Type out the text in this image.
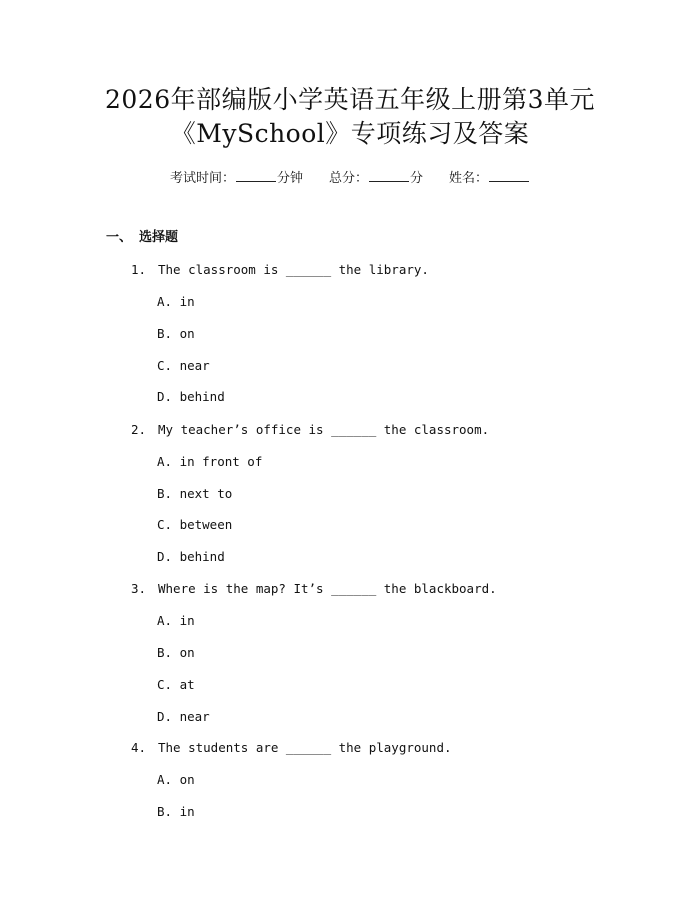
2026年部编版小学英语五年级上册第3单元
《MySchool》专项练习及答案
考试时间：	分钟 总分：	分 姓名：
一、 选择题
1. The classroom is ______ the library.
A. in
B. on
C. near
D. behind
2. My teacher’s office is ______ the classroom.
A. in front of
B. next to
C. between
D. behind
3. Where is the map? It’s ______ the blackboard.
A. in
B. on
C. at
D. near
4. The students are ______ the playground.
A. on
B. in
